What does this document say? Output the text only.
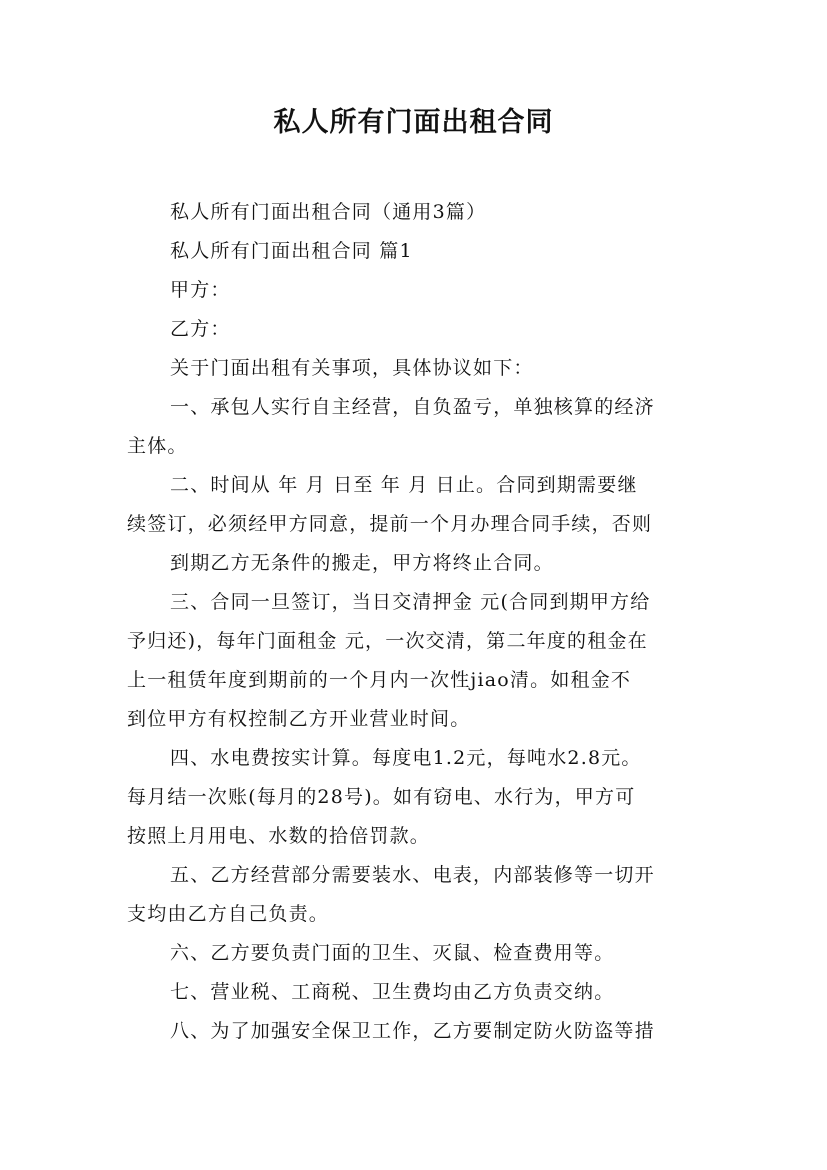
私人所有门面出租合同
私人所有门面出租合同（通用3篇）
私人所有门面出租合同 篇1
甲方：
乙方：
关于门面出租有关事项，具体协议如下：
一、承包人实行自主经营，自负盈亏，单独核算的经济
主体。
二、时间从 年 月 日至 年 月 日止。合同到期需要继
续签订，必须经甲方同意，提前一个月办理合同手续，否则
到期乙方无条件的搬走，甲方将终止合同。
三、合同一旦签订，当日交清押金 元(合同到期甲方给
予归还)，每年门面租金 元，一次交清，第二年度的租金在
上一租赁年度到期前的一个月内一次性jiao清。如租金不
到位甲方有权控制乙方开业营业时间。
四、水电费按实计算。每度电1.2元，每吨水2.8元。
每月结一次账(每月的28号)。如有窃电、水行为，甲方可
按照上月用电、水数的拾倍罚款。
五、乙方经营部分需要装水、电表，内部装修等一切开
支均由乙方自己负责。
六、乙方要负责门面的卫生、灭鼠、检查费用等。
七、营业税、工商税、卫生费均由乙方负责交纳。
八、为了加强安全保卫工作，乙方要制定防火防盗等措
